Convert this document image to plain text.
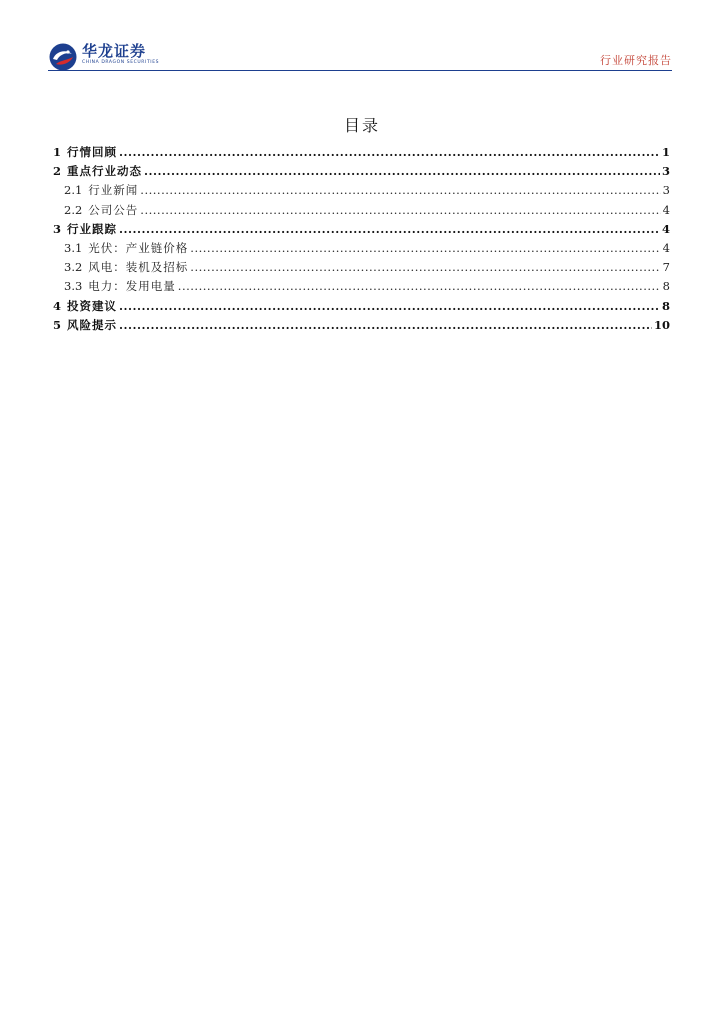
华龙证券
CHINA DRAGON SECURITIES	行业研究报告
目录
1 行情回顾 .....	1
2 重点行业动态 .....	3
2.1 行业新闻 .....	3
2.2 公司公告 .....	4
3 行业跟踪 .....	4
3.1 光伏：产业链价格 .....	4
3.2 风电：装机及招标 .....	7
3.3 电力：发用电量 .....	8
4 投资建议 .....	8
5 风险提示 .....	10
